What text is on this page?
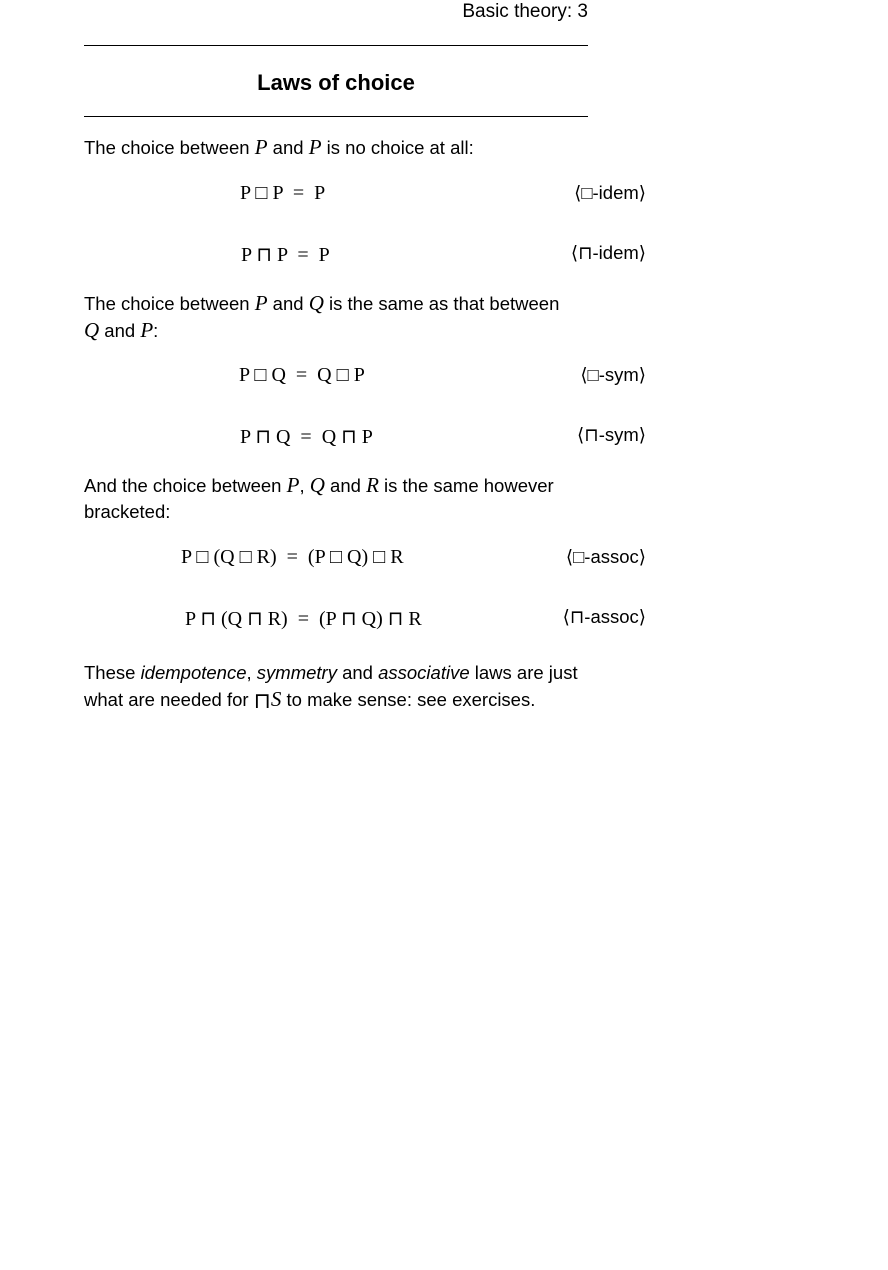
Basic theory: 3
Laws of choice
The choice between P and P is no choice at all:
P □ P  =  P	⟨□-idem⟩
P ⊓ P  =  P	⟨⊓-idem⟩
The choice between P and Q is the same as that between
Q and P:
P □ Q  =  Q □ P	⟨□-sym⟩
P ⊓ Q  =  Q ⊓ P	⟨⊓-sym⟩
And the choice between P, Q and R is the same however
bracketed:
P □ (Q □ R)  =  (P □ Q) □ R	⟨□-assoc⟩
P ⊓ (Q ⊓ R)  =  (P ⊓ Q) ⊓ R	⟨⊓-assoc⟩
These idempotence, symmetry and associative laws are just
what are needed for ⊓S to make sense: see exercises.
